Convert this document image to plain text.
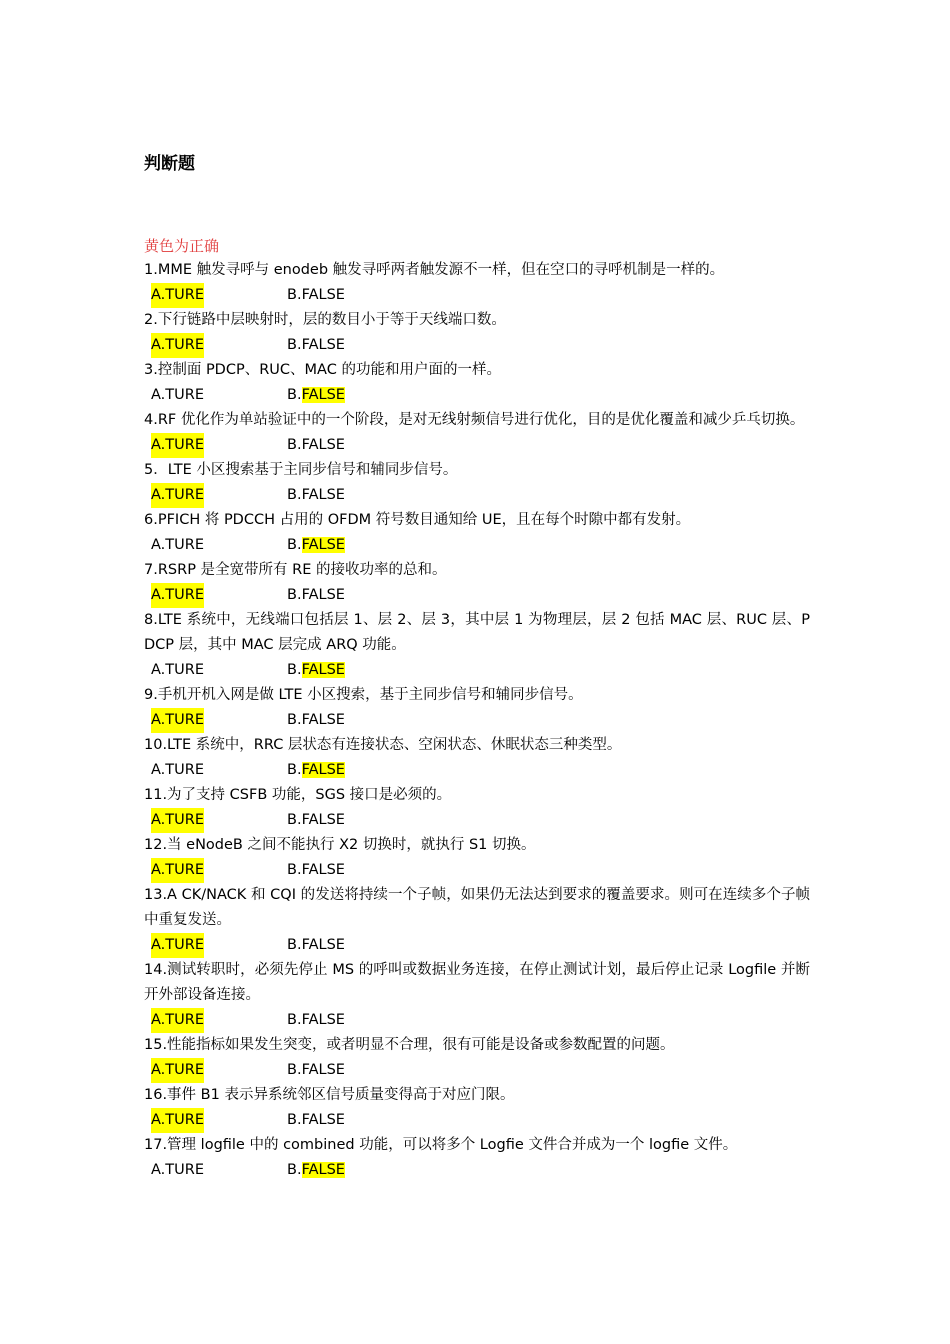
判断题
黄色为正确

1.MME 触发寻呼与 enodeb 触发寻呼两者触发源不一样，但在空口的寻呼机制是一样的。

A.TURE	B.FALSE

2.下行链路中层映射时，层的数目小于等于天线端口数。

A.TURE	B.FALSE

3.控制面 PDCP、RUC、MAC 的功能和用户面的一样。

A.TURE	B.FALSE

4.RF 优化作为单站验证中的一个阶段，是对无线射频信号进行优化，目的是优化覆盖和减少乒乓切换。

A.TURE	B.FALSE

5．LTE 小区搜索基于主同步信号和辅同步信号。

A.TURE	B.FALSE

6.PFICH 将 PDCCH 占用的 OFDM 符号数目通知给 UE，且在每个时隙中都有发射。

A.TURE	B.FALSE

7.RSRP 是全宽带所有 RE 的接收功率的总和。

A.TURE	B.FALSE

8.LTE 系统中，无线端口包括层 1、层 2、层 3，其中层 1 为物理层，层 2 包括 MAC 层、RUC 层、PDCP 层，其中 MAC 层完成 ARQ 功能。

A.TURE	B.FALSE

9.手机开机入网是做 LTE 小区搜索，基于主同步信号和辅同步信号。

A.TURE	B.FALSE

10.LTE 系统中，RRC 层状态有连接状态、空闲状态、休眠状态三种类型。

A.TURE	B.FALSE

11.为了支持 CSFB 功能，SGS 接口是必须的。

A.TURE	B.FALSE

12.当 eNodeB 之间不能执行 X2 切换时，就执行 S1 切换。

A.TURE	B.FALSE

13.A CK/NACK 和 CQI 的发送将持续一个子帧，如果仍无法达到要求的覆盖要求。则可在连续多个子帧中重复发送。

A.TURE	B.FALSE

14.测试转职时，必须先停止 MS 的呼叫或数据业务连接，在停止测试计划，最后停止记录 Logfile 并断开外部设备连接。

A.TURE	B.FALSE

15.性能指标如果发生突变，或者明显不合理，很有可能是设备或参数配置的问题。

A.TURE	B.FALSE

16.事件 B1 表示异系统邻区信号质量变得高于对应门限。

A.TURE	B.FALSE

17.管理 logfile 中的 combined 功能，可以将多个 Logfie 文件合并成为一个 logfie 文件。

A.TURE	B.FALSE
